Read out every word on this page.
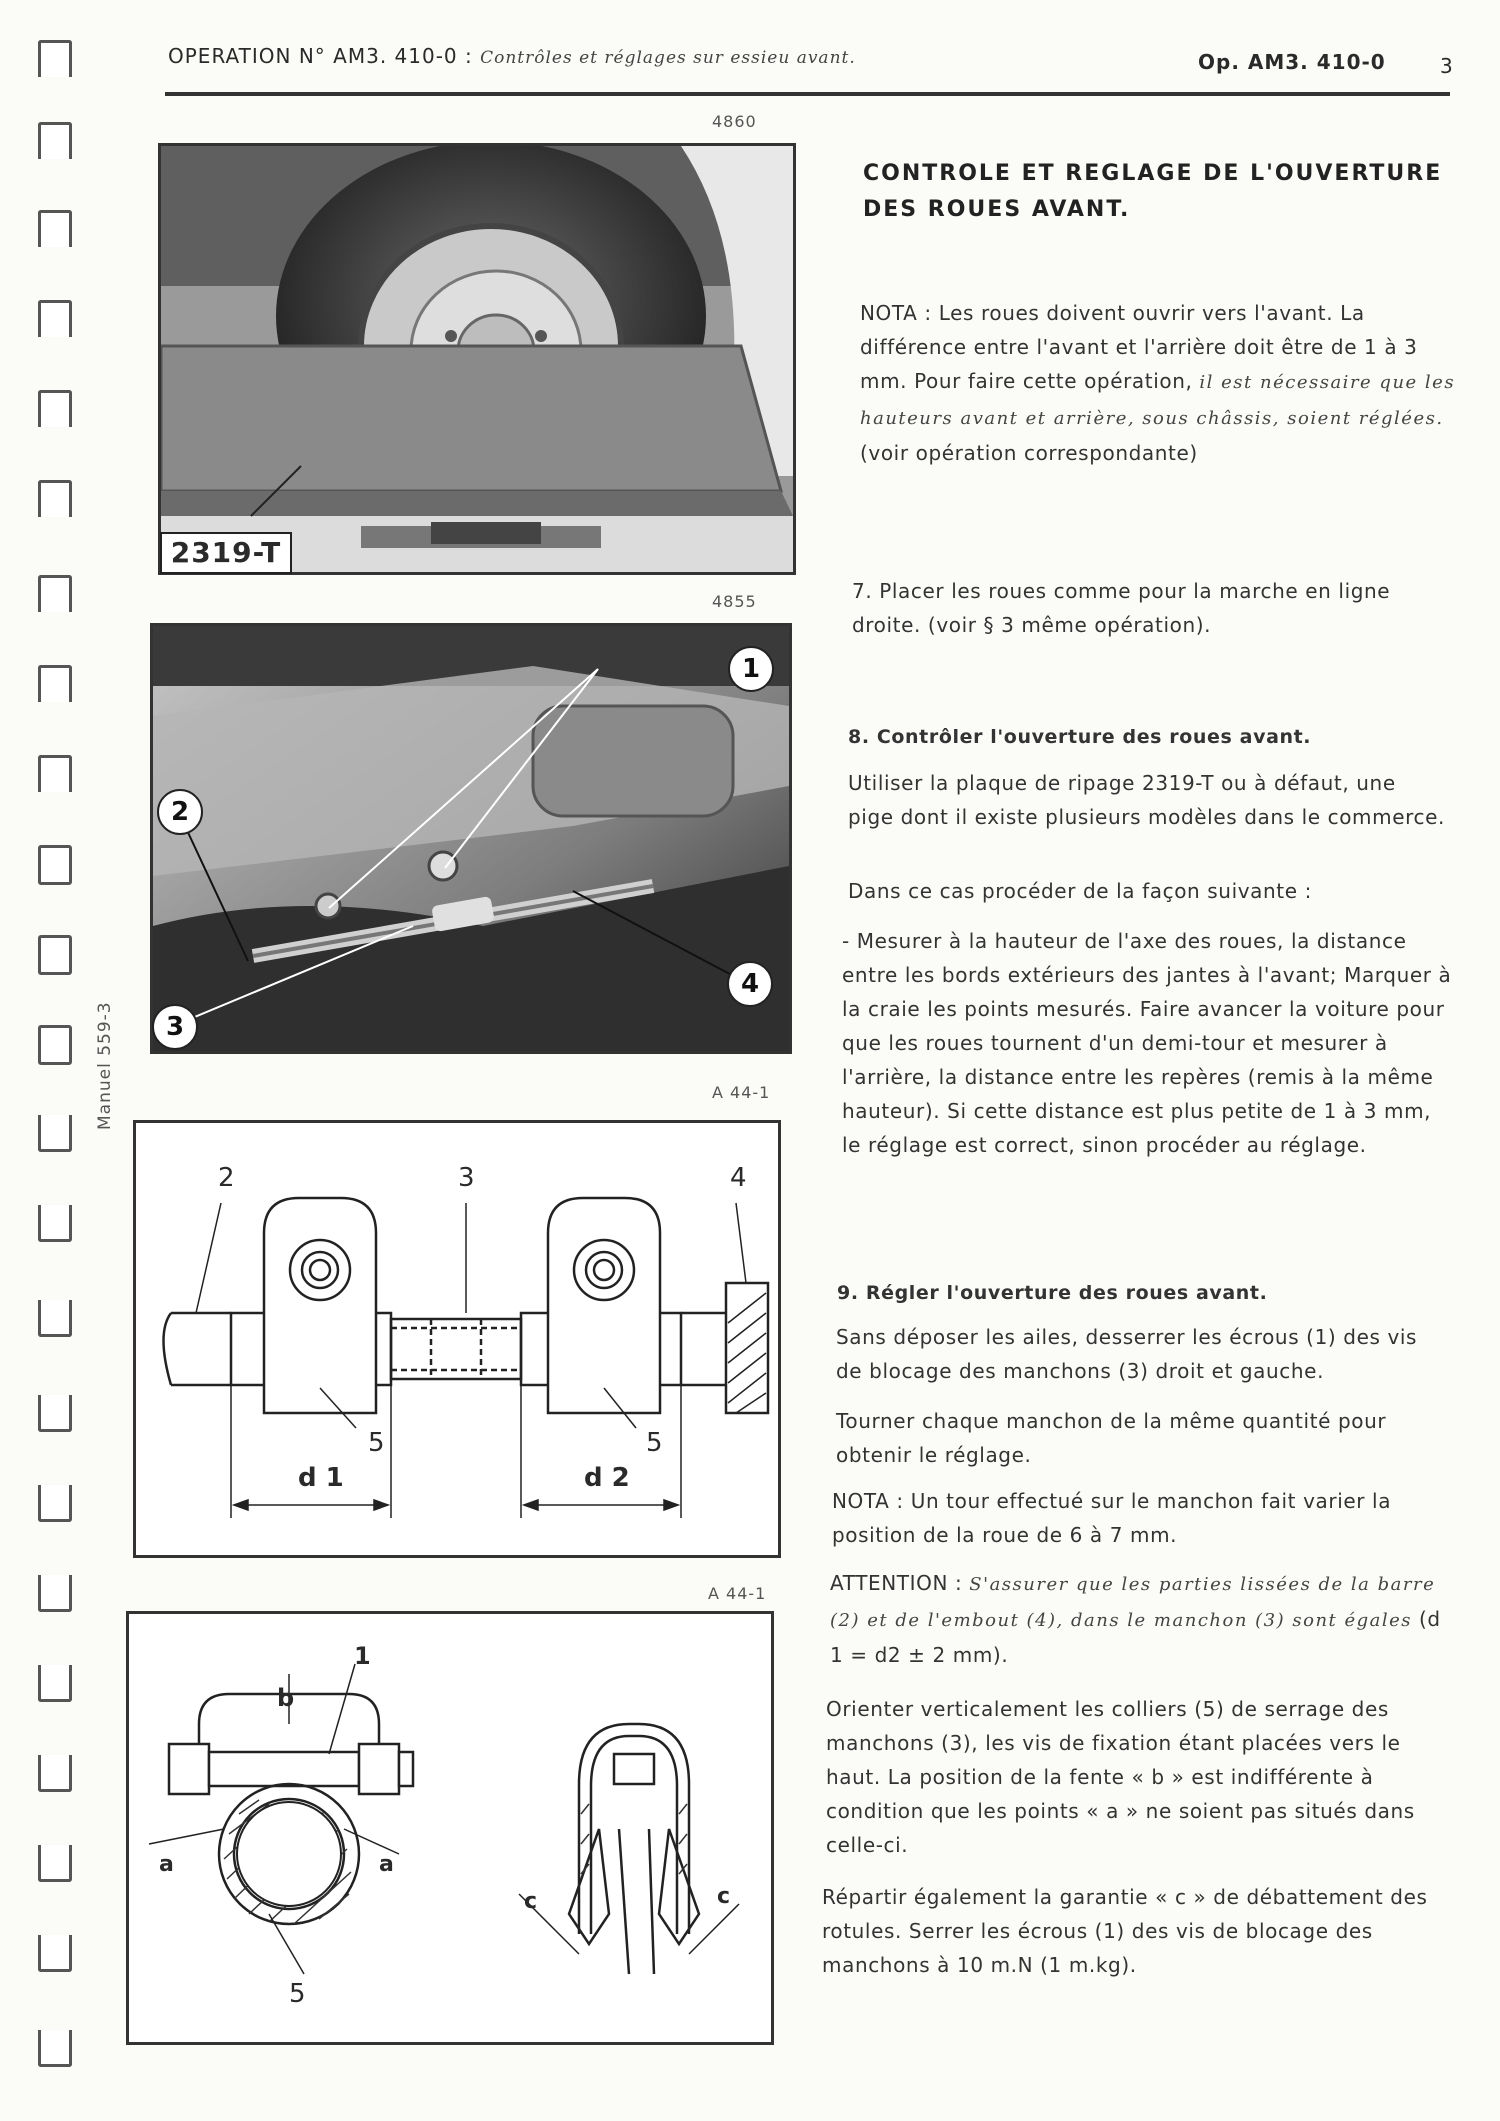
Manuel 559-3
OPERATION N° AM3. 410-0 : Contrôles et réglages sur essieu avant.	Op. AM3. 410-0	3
4860
2319-T
4855
1
2
3
4
A 44-1
2	3	4
5	5
d 1	d 2
A 44-1
b
1
a	a
5
c	c
CONTROLE ET REGLAGE DE L'OUVERTURE DES ROUES AVANT.
NOTA : Les roues doivent ouvrir vers l'avant. La différence entre l'avant et l'arrière doit être de 1 à 3 mm. Pour faire cette opération, il est nécessaire que les hauteurs avant et arrière, sous châssis, soient réglées.
(voir opération correspondante)
7. Placer les roues comme pour la marche en ligne droite. (voir § 3 même opération).
8. Contrôler l'ouverture des roues avant.
Utiliser la plaque de ripage 2319-T ou à défaut, une pige dont il existe plusieurs modèles dans le commerce.
Dans ce cas procéder de la façon suivante :
- Mesurer à la hauteur de l'axe des roues, la distance entre les bords extérieurs des jantes à l'avant; Marquer à la craie les points mesurés. Faire avancer la voiture pour que les roues tournent d'un demi-tour et mesurer à l'arrière, la distance entre les repères (remis à la même hauteur). Si cette distance est plus petite de 1 à 3 mm, le réglage est correct, sinon procéder au réglage.
9. Régler l'ouverture des roues avant.
Sans déposer les ailes, desserrer les écrous (1) des vis de blocage des manchons (3) droit et gauche.
Tourner chaque manchon de la même quantité pour obtenir le réglage.
NOTA : Un tour effectué sur le manchon fait varier la position de la roue de 6 à 7 mm.
ATTENTION : S'assurer que les parties lissées de la barre (2) et de l'embout (4), dans le manchon (3) sont égales (d 1 = d2 ± 2 mm).
Orienter verticalement les colliers (5) de serrage des manchons (3), les vis de fixation étant placées vers le haut. La position de la fente « b » est indifférente à condition que les points « a » ne soient pas situés dans celle-ci.
Répartir également la garantie « c » de débattement des rotules. Serrer les écrous (1) des vis de blocage des manchons à 10 m.N (1 m.kg).
